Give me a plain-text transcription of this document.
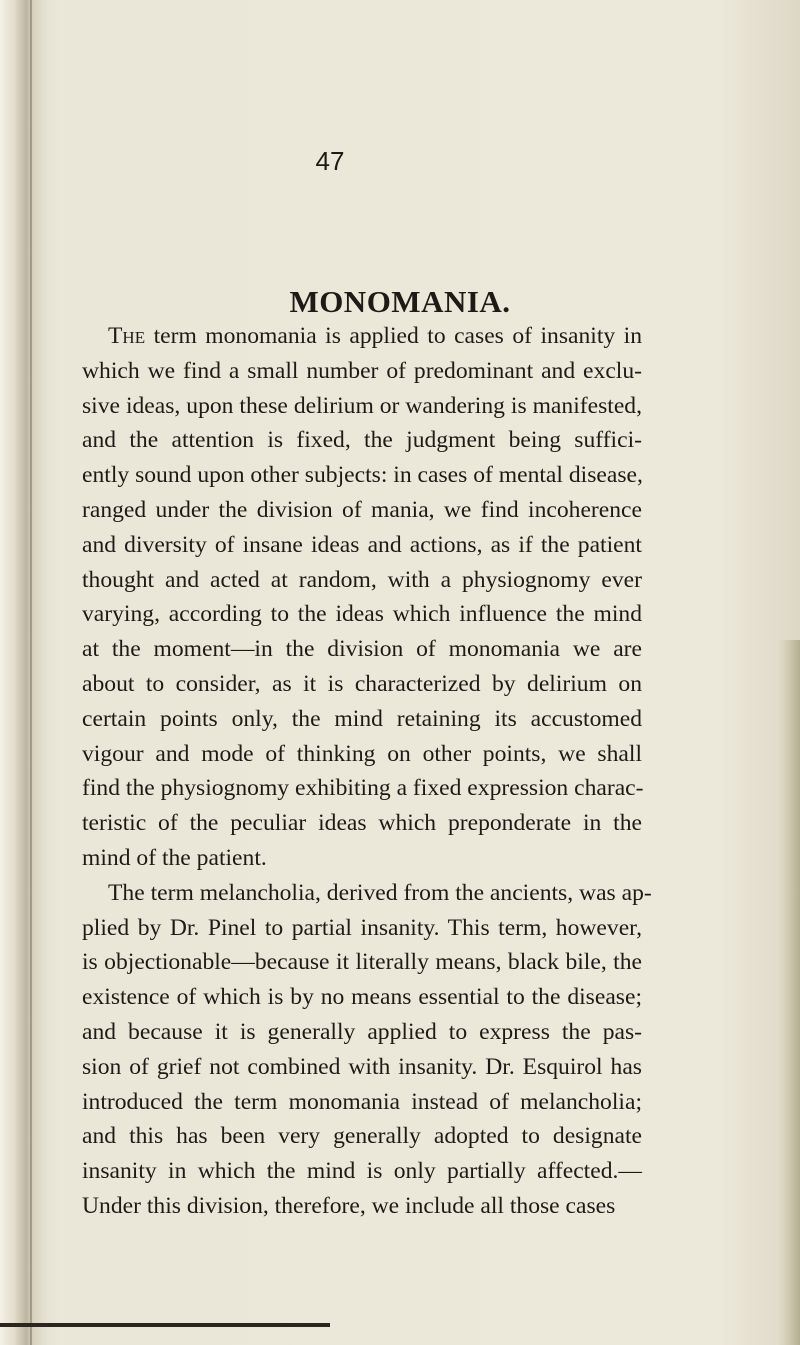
47
MONOMANIA.
The term monomania is applied to cases of insanity in
which we find a small number of predominant and exclu-
sive ideas, upon these delirium or wandering is manifested,
and the attention is fixed, the judgment being suffici-
ently sound upon other subjects: in cases of mental disease,
ranged under the division of mania, we find incoherence
and diversity of insane ideas and actions, as if the patient
thought and acted at random, with a physiognomy ever
varying, according to the ideas which influence the mind
at the moment—in the division of monomania we are
about to consider, as it is characterized by delirium on
certain points only, the mind retaining its accustomed
vigour and mode of thinking on other points, we shall
find the physiognomy exhibiting a fixed expression charac-
teristic of the peculiar ideas which preponderate in the
mind of the patient.
The term melancholia, derived from the ancients, was ap-
plied by Dr. Pinel to partial insanity. This term, however,
is objectionable—because it literally means, black bile, the
existence of which is by no means essential to the disease;
and because it is generally applied to express the pas-
sion of grief not combined with insanity. Dr. Esquirol has
introduced the term monomania instead of melancholia;
and this has been very generally adopted to designate
insanity in which the mind is only partially affected.—
Under this division, therefore, we include all those cases
